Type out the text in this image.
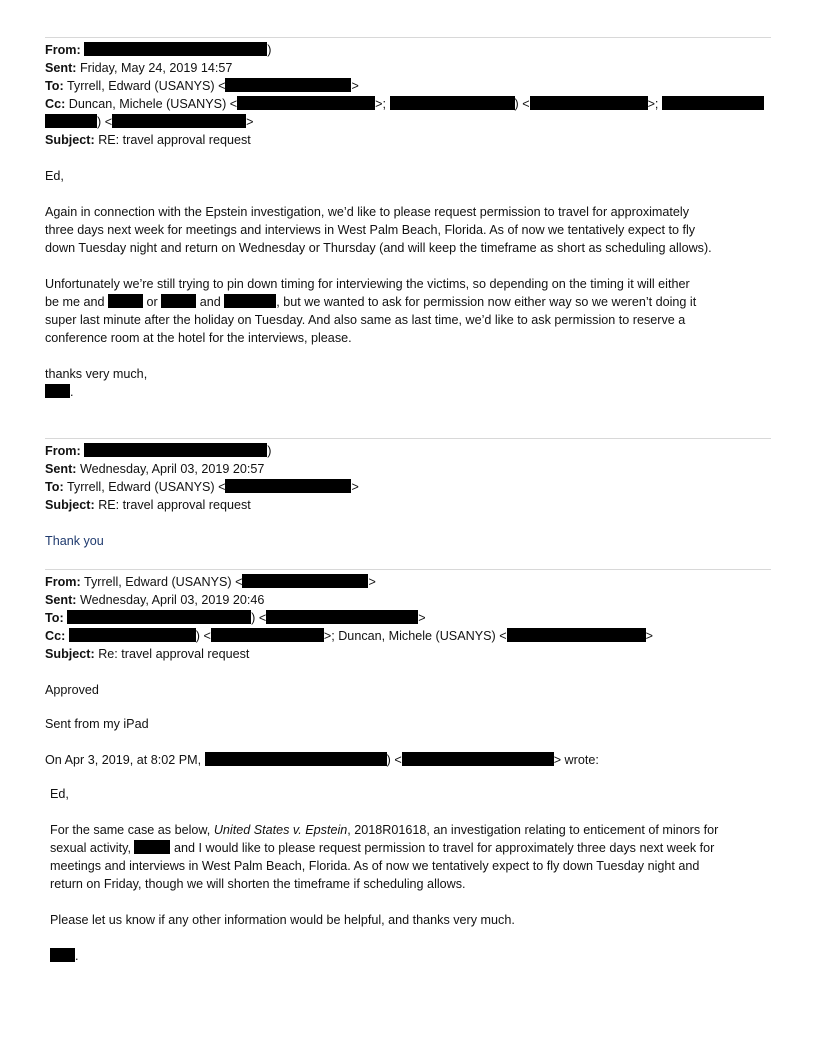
From:	)
Sent: Friday, May 24, 2019 14:57
To: Tyrrell, Edward (USANYS) <	>
Cc: Duncan, Michele (USANYS) <	>;	) <	>;
) <	>
Subject: RE: travel approval request
Ed,
Again in connection with the Epstein investigation, we’d like to please request permission to travel for approximately
three days next week for meetings and interviews in West Palm Beach, Florida. As of now we tentatively expect to fly
down Tuesday night and return on Wednesday or Thursday (and will keep the timeframe as short as scheduling allows).
Unfortunately we’re still trying to pin down timing for interviewing the victims, so depending on the timing it will either
be me and	or	and	, but we wanted to ask for permission now either way so we weren’t doing it
super last minute after the holiday on Tuesday. And also same as last time, we’d like to ask permission to reserve a
conference room at the hotel for the interviews, please.
thanks very much,
.
From:	)
Sent: Wednesday, April 03, 2019 20:57
To: Tyrrell, Edward (USANYS) <	>
Subject: RE: travel approval request
Thank you
From: Tyrrell, Edward (USANYS) <	>
Sent: Wednesday, April 03, 2019 20:46
To:	) <	>
Cc:	) <	>; Duncan, Michele (USANYS) <	>
Subject: Re: travel approval request
Approved
Sent from my iPad
On Apr 3, 2019, at 8:02 PM,	) <	> wrote:
Ed,
For the same case as below, United States v. Epstein, 2018R01618, an investigation relating to enticement of minors for
sexual activity,	and I would like to please request permission to travel for approximately three days next week for
meetings and interviews in West Palm Beach, Florida. As of now we tentatively expect to fly down Tuesday night and
return on Friday, though we will shorten the timeframe if scheduling allows.
Please let us know if any other information would be helpful, and thanks very much.
.
